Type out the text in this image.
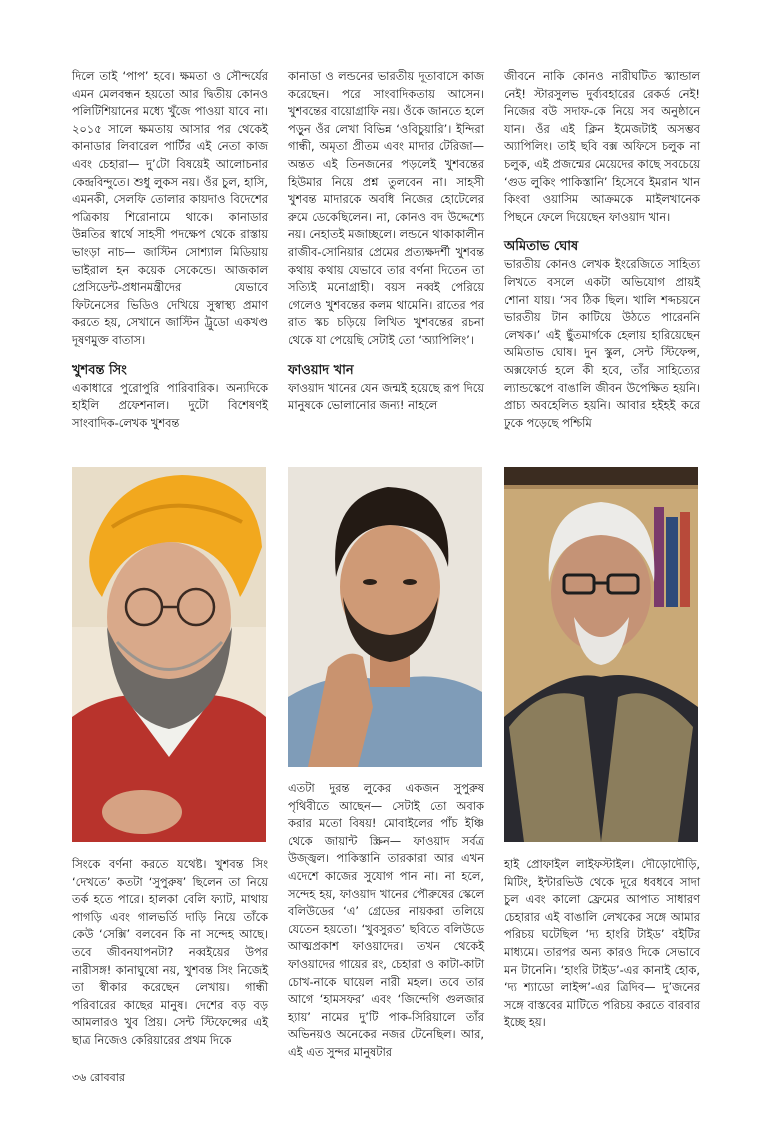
দিলে তাই ‘পাপ’ হবে। ক্ষমতা ও সৌন্দর্যের এমন মেলবন্ধন হয়তো আর দ্বিতীয় কোনও পলিটিশিয়ানের মধ্যে খুঁজে পাওয়া যাবে না। ২০১৫ সালে ক্ষমতায় আসার পর থেকেই কানাডার লিবারেল পার্টির এই নেতা কাজ এবং চেহারা— দু’টো বিষয়েই আলোচনার কেন্দ্রবিন্দুতে। শুধু লুকস নয়। ওঁর চুল, হাসি, এমনকী, সেলফি তোলার কায়দাও বিদেশের পত্রিকায় শিরোনামে থাকে। কানাডার উন্নতির স্বার্থে সাহসী পদক্ষেপ থেকে রাস্তায় ভাংড়া নাচ— জাস্টিন সোশ্যাল মিডিয়ায় ভাইরাল হন কয়েক সেকেন্ডে। আজকাল প্রেসিডেন্ট-প্রধানমন্ত্রীদের যেভাবে ফিটনেসের ভিডিও দেখিয়ে সুস্বাস্থ্য প্রমাণ করতে হয়, সেখানে জাস্টিন ট্রুডো একখণ্ড দূষণমুক্ত বাতাস।

খুশবন্ত সিং

একাধারে পুরোপুরি পারিবারিক। অন্যদিকে হাইলি প্রফেশনাল। দুটো বিশেষণই সাংবাদিক-লেখক খুশবন্ত

কানাডা ও লন্ডনের ভারতীয় দূতাবাসে কাজ করেছেন। পরে সাংবাদিকতায় আসেন। খুশবন্তের বায়োগ্রাফি নয়। ওঁকে জানতে হলে পড়ুন ওঁর লেখা বিভিন্ন ‘ওবিচুয়ারি’। ইন্দিরা গান্ধী, অমৃতা প্রীতম এবং মাদার টেরিজা— অন্তত এই তিনজনের পড়লেই খুশবন্তের হিউমার নিয়ে প্রশ্ন তুলবেন না। সাহসী খুশবন্ত মাদারকে অবধি নিজের হোটেলের রুমে ডেকেছিলেন। না, কোনও বদ উদ্দেশ্যে নয়। নেহাতই মজাচ্ছলে। লন্ডনে থাকাকালীন রাজীব-সোনিয়ার প্রেমের প্রত্যক্ষদর্শী খুশবন্ত কথায় কথায় যেভাবে তার বর্ণনা দিতেন তা সত্যিই মনোগ্রাহী। বয়স নব্বই পেরিয়ে গেলেও খুশবন্তের কলম থামেনি। রাতের পর রাত স্কচ চড়িয়ে লিখিত খুশবন্তের রচনা থেকে যা পেয়েছি সেটাই তো ‘অ্যাপিলিং’।

ফাওয়াদ খান

ফাওয়াদ খানের যেন জন্মই হয়েছে রূপ দিয়ে মানুষকে ভোলানোর জন্য! নাহলে

জীবনে নাকি কোনও নারীঘটিত স্ক্যান্ডাল নেই! স্টারসুলভ দুর্ব্যবহারের রেকর্ড নেই! নিজের বউ সদাফ-কে নিয়ে সব অনুষ্ঠানে যান। ওঁর এই ক্লিন ইমেজটাই অসম্ভব অ্যাপিলিং। তাই ছবি বক্স অফিসে চলুক না চলুক, এই প্রজন্মের মেয়েদের কাছে সবচেয়ে ‘গুড লুকিং পাকিস্তানি’ হিসেবে ইমরান খান কিংবা ওয়াসিম আক্রমকে মাইলখানেক পিছনে ফেলে দিয়েছেন ফাওয়াদ খান।

অমিতাভ ঘোষ

ভারতীয় কোনও লেখক ইংরেজিতে সাহিত্য লিখতে বসলে একটা অভিযোগ প্রায়ই শোনা যায়। ‘সব ঠিক ছিল। খালি শব্দচয়নে ভারতীয় টান কাটিয়ে উঠতে পারেননি লেখক।’ এই ছুঁতমার্গকে হেলায় হারিয়েছেন অমিতাভ ঘোষ। দুন স্কুল, সেন্ট স্টিফেন্স, অক্সফোর্ড হলে কী হবে, তাঁর সাহিত্যের ল্যান্ডস্কেপে বাঙালি জীবন উপেক্ষিত হয়নি। প্রাচ্য অবহেলিত হয়নি। আবার হইহই করে ঢুকে পড়েছে পশ্চিমি

সিংকে বর্ণনা করতে যথেষ্ট। খুশবন্ত সিং ‘দেখতে’ কতটা ‘সুপুরুষ’ ছিলেন তা নিয়ে তর্ক হতে পারে। হালকা বেলি ফ্যাট, মাথায় পাগড়ি এবং গালভর্তি দাড়ি নিয়ে তাঁকে কেউ ‘সেক্সি’ বলবেন কি না সন্দেহ আছে। তবে জীবনযাপনটা? নব্বইয়ের উপর নারীসঙ্গ! কানাঘুষো নয়, খুশবন্ত সিং নিজেই তা স্বীকার করেছেন লেখায়। গান্ধী পরিবারের কাছের মানুষ। দেশের বড় বড় আমলারও খুব প্রিয়। সেন্ট স্টিফেন্সের এই ছাত্র নিজেও কেরিয়ারের প্রথম দিকে

এতটা দুরন্ত লুকের একজন সুপুরুষ পৃথিবীতে আছেন— সেটাই তো অবাক করার মতো বিষয়! মোবাইলের পাঁচ ইঞ্চি থেকে জায়ান্ট স্ক্রিন— ফাওয়াদ সর্বত্র উজ্জ্বল। পাকিস্তানি তারকারা আর এখন এদেশে কাজের সুযোগ পান না। না হলে, সন্দেহ হয়, ফাওয়াদ খানের পৌরুষের স্কেলে বলিউডের ‘এ’ গ্রেডের নায়করা তলিয়ে যেতেন হয়তো। ‘খুবসুরত’ ছবিতে বলিউডে আত্মপ্রকাশ ফাওয়াদের। তখন থেকেই ফাওয়াদের গায়ের রং, চেহারা ও কাটা-কাটা চোখ-নাকে ঘায়েল নারী মহল। তবে তার আগে ‘হামসফর’ এবং ‘জিন্দেগি গুলজার হ্যায়’ নামের দু’টি পাক-সিরিয়ালে তাঁর অভিনয়ও অনেকের নজর টেনেছিল। আর, এই এত সুন্দর মানুষটার

হাই প্রোফাইল লাইফস্টাইল। দৌড়োদৌড়ি, মিটিং, ইন্টারভিউ থেকে দূরে ধবধবে সাদা চুল এবং কালো ফ্রেমের আপাত সাধারণ চেহারার এই বাঙালি লেখকের সঙ্গে আমার পরিচয় ঘটেছিল ‘দ্য হাংরি টাইড’ বইটির মাধ্যমে। তারপর অন্য কারও দিকে সেভাবে মন টানেনি। ‘হাংরি টাইড’-এর কানাই হোক, ‘দ্য শ্যাডো লাইন্স’-এর ত্রিদিব— দু’জনের সঙ্গে বাস্তবের মাটিতে পরিচয় করতে বারবার ইচ্ছে হয়।

৩৬ রোববার
